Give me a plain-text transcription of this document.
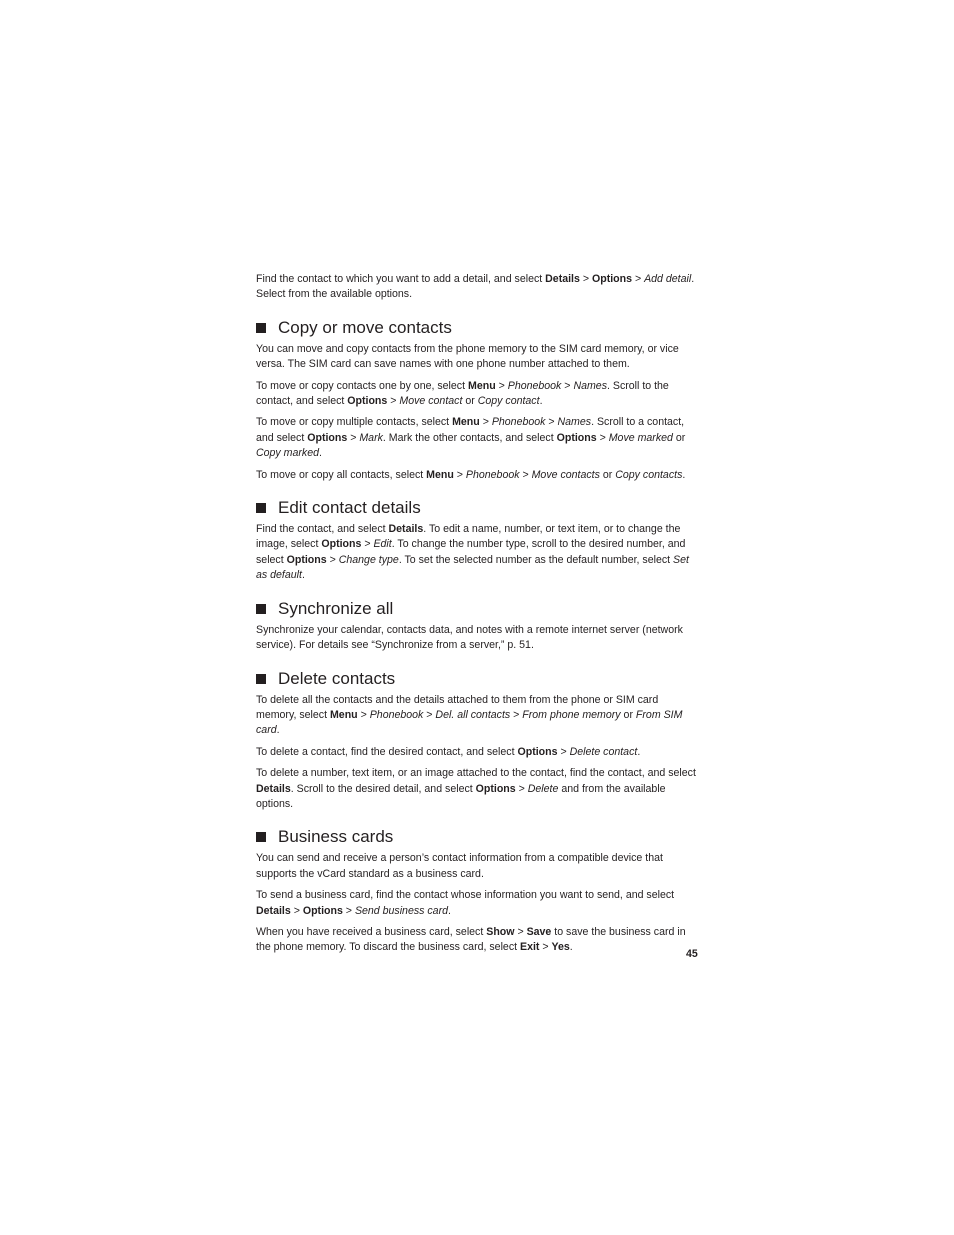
Find the contact to which you want to add a detail, and select Details > Options > Add detail. Select from the available options.

Copy or move contacts

You can move and copy contacts from the phone memory to the SIM card memory, or vice versa. The SIM card can save names with one phone number attached to them.

To move or copy contacts one by one, select Menu > Phonebook > Names. Scroll to the contact, and select Options > Move contact or Copy contact.

To move or copy multiple contacts, select Menu > Phonebook > Names. Scroll to a contact, and select Options > Mark. Mark the other contacts, and select Options > Move marked or Copy marked.

To move or copy all contacts, select Menu > Phonebook > Move contacts or Copy contacts.

Edit contact details

Find the contact, and select Details. To edit a name, number, or text item, or to change the image, select Options > Edit. To change the number type, scroll to the desired number, and select Options > Change type. To set the selected number as the default number, select Set as default.

Synchronize all

Synchronize your calendar, contacts data, and notes with a remote internet server (network service). For details see “Synchronize from a server,” p. 51.

Delete contacts

To delete all the contacts and the details attached to them from the phone or SIM card memory, select Menu > Phonebook > Del. all contacts > From phone memory or From SIM card.

To delete a contact, find the desired contact, and select Options > Delete contact.

To delete a number, text item, or an image attached to the contact, find the contact, and select Details. Scroll to the desired detail, and select Options > Delete and from the available options.

Business cards

You can send and receive a person’s contact information from a compatible device that supports the vCard standard as a business card.

To send a business card, find the contact whose information you want to send, and select Details > Options > Send business card.

When you have received a business card, select Show > Save to save the business card in the phone memory. To discard the business card, select Exit > Yes.

45
